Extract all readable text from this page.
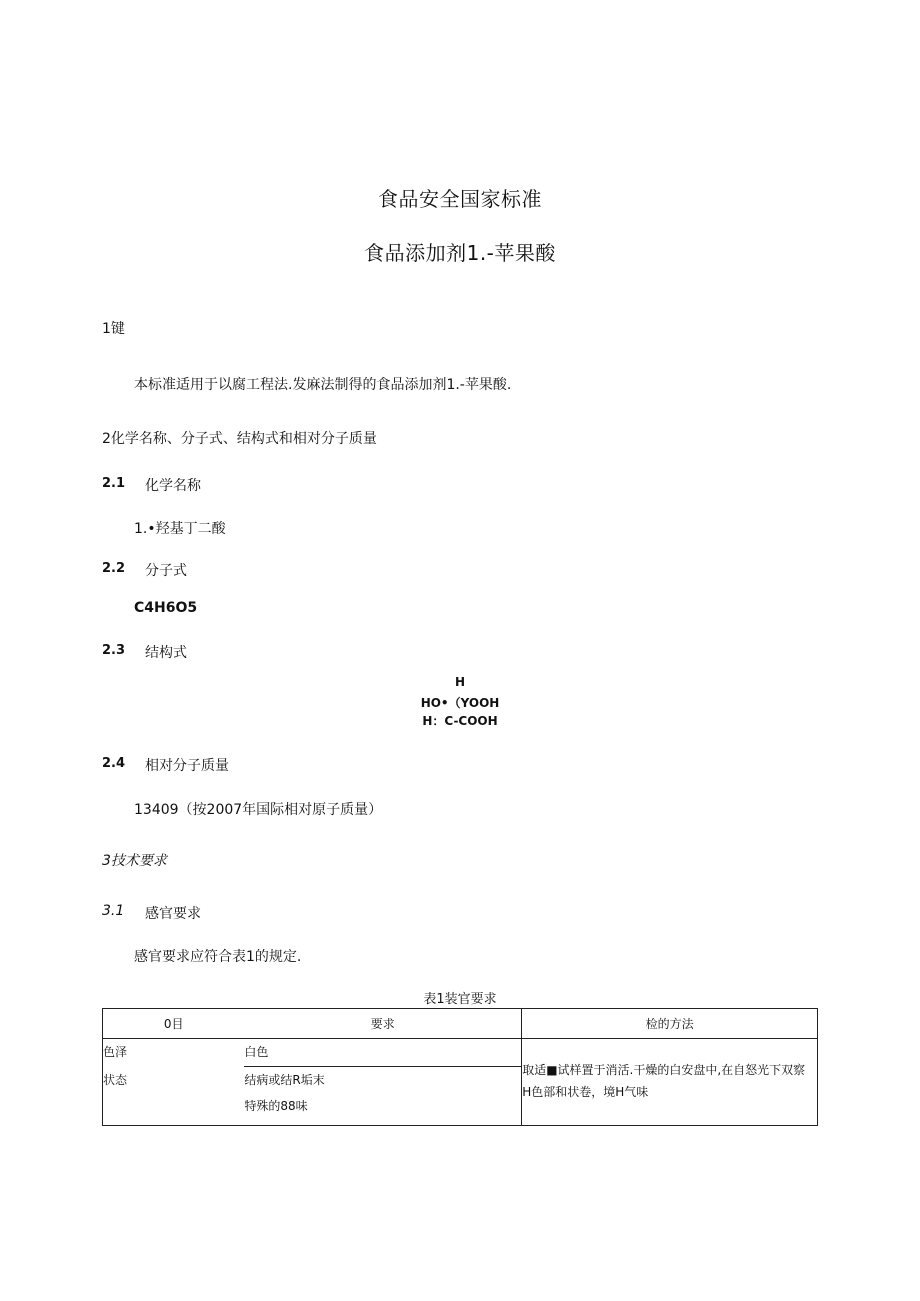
食品安全国家标准
食品添加剂1.-苹果酸
1键
本标准适用于以腐工程法.发麻法制得的食品添加剂1.-苹果酸.
2化学名称、分子式、结构式和相对分子质量
2.1 化学名称
1.•羟基丁二酸
2.2 分子式
C4H6O5
2.3 结构式
H
HO•（YOOH
H：C-COOH
2.4 相对分子质量
13409（按2007年国际相对原子质量）
3技术要求
3.1 感官要求
感官要求应符合表1的规定.
表1装官要求
0目	要求	检的方法

色泽	白色	取适■试样置于消活.干燥的白安盘中,在自怒光下双察
H色部和状卷，境H气味

状态	结病或结R垢末
特殊的88味	
